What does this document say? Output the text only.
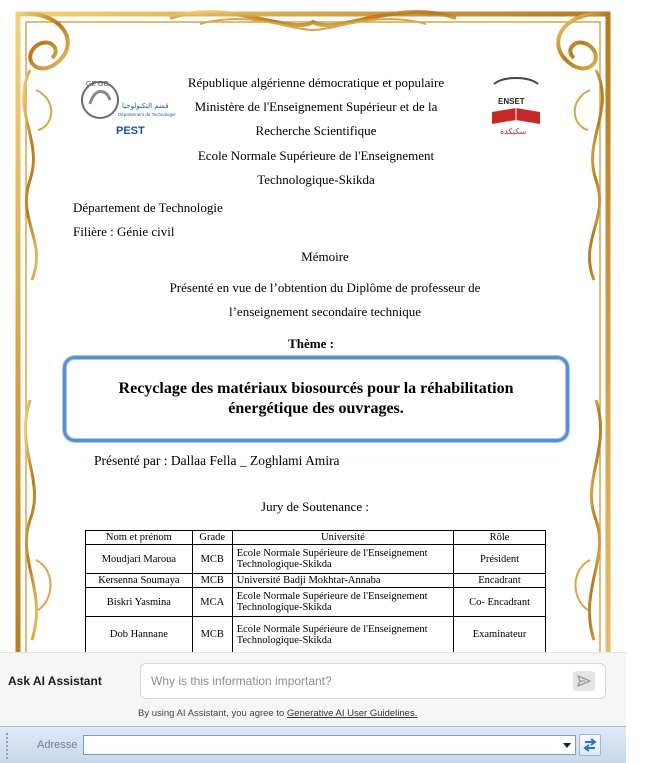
GE GC
قسم التكنولوجيا
Département de Technologie
PEST
ENSET
سكيكدة
République algérienne démocratique et populaire
Ministère de l'Enseignement Supérieur et de la
Recherche Scientifique
Ecole Normale Supérieure de l'Enseignement
Technologique-Skikda
Département de Technologie
Filière : Génie civil
Mémoire
Présenté en vue de l’obtention du Diplôme de professeur de
l’enseignement secondaire technique
Thème :
Recyclage des matériaux biosourcés pour la réhabilitation énergétique des ouvrages.
Présenté par : Dallaa Fella _ Zoghlami Amira
Jury de Soutenance :
Nom et prénom	Grade	Université	Rôle
Moudjari Maroua	MCB	Ecole Normale Supérieure de l'Enseignement Technologique-Skikda	Président
Kersenna Soumaya	MCB	Université Badji Mokhtar-Annaba	Encadrant
Biskri Yasmina	MCA	Ecole Normale Supérieure de l'Enseignement Technologique-Skikda	Co- Encadrant
Dob Hannane	MCB	Ecole Normale Supérieure de l'Enseignement Technologique-Skikda	Examinateur
Ask AI Assistant
Why is this information important?
By using AI Assistant, you agree to Generative AI User Guidelines.
Adresse
